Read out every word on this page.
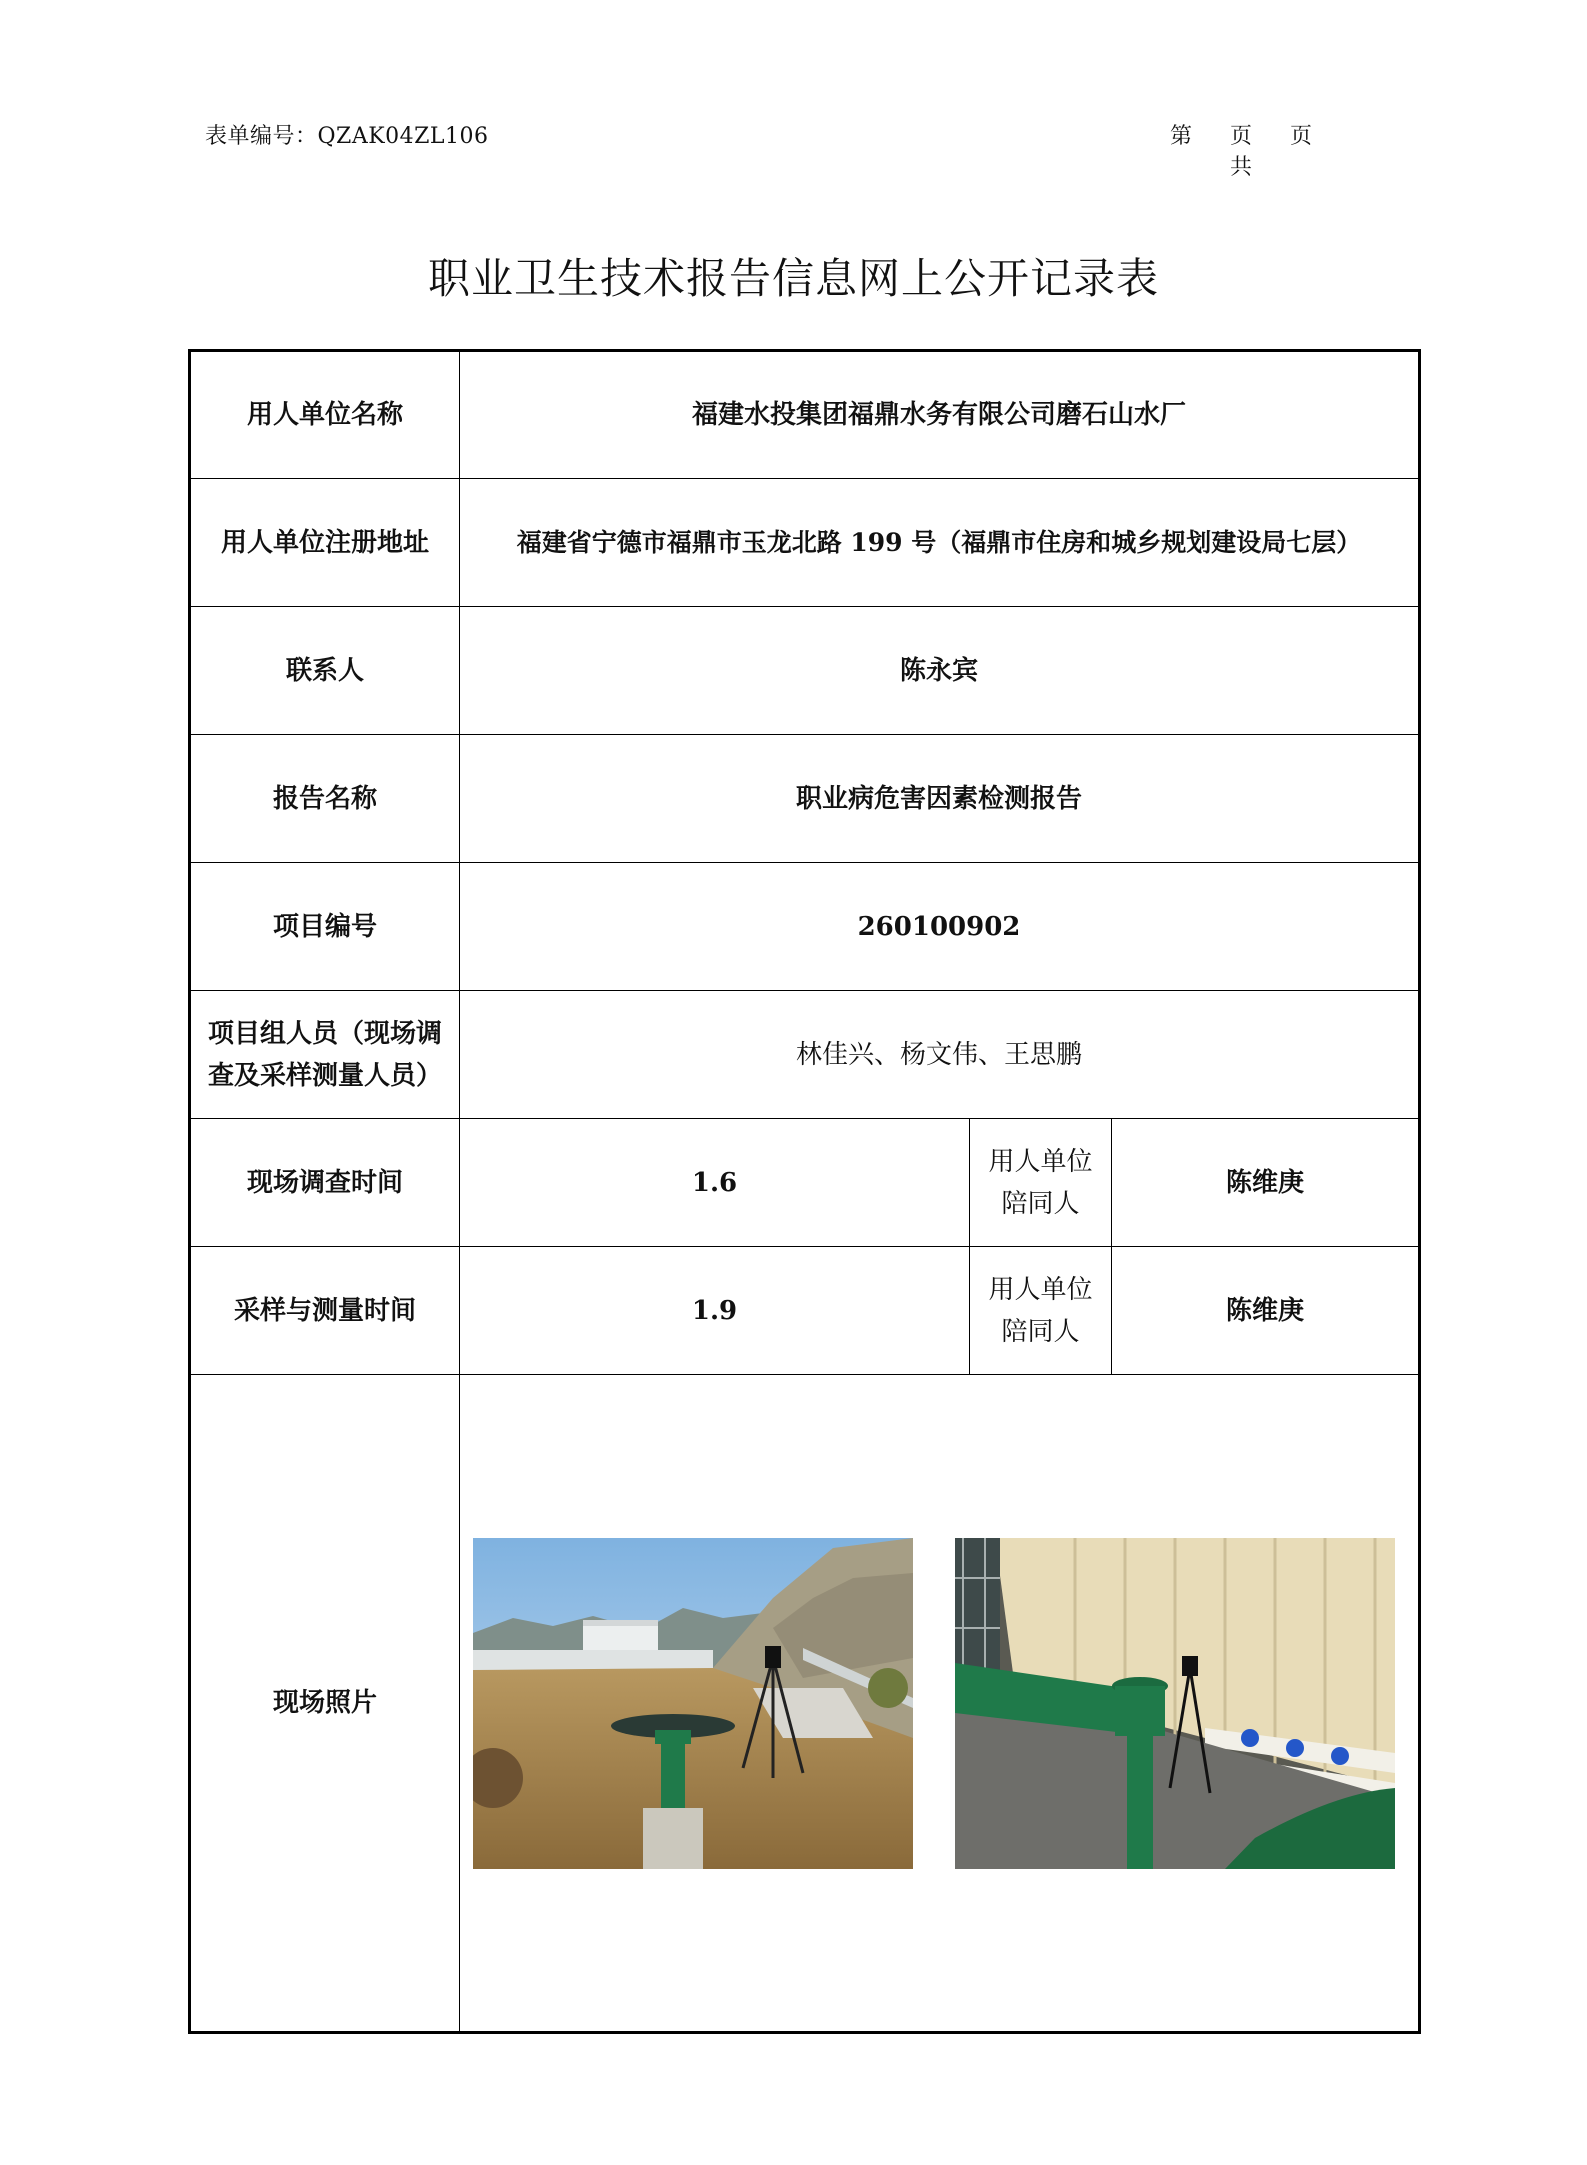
表单编号：QZAK04ZL106	第	页 共
页
职业卫生技术报告信息网上公开记录表
用人单位名称	福建水投集团福鼎水务有限公司磨石山水厂		
用人单位注册地址	福建省宁德市福鼎市玉龙北路 199 号（福鼎市住房和城乡规划建设局七层）		
联系人	陈永宾		
报告名称	职业病危害因素检测报告		
项目编号	260100902		

项目组人员（现场调
查及采样测量人员）	林佳兴、杨文伟、王思鹏		
现场调查时间	1.6	用人单位
陪同人	陈维庚
采样与测量时间	1.9	用人单位
陪同人	陈维庚
现场照片	
